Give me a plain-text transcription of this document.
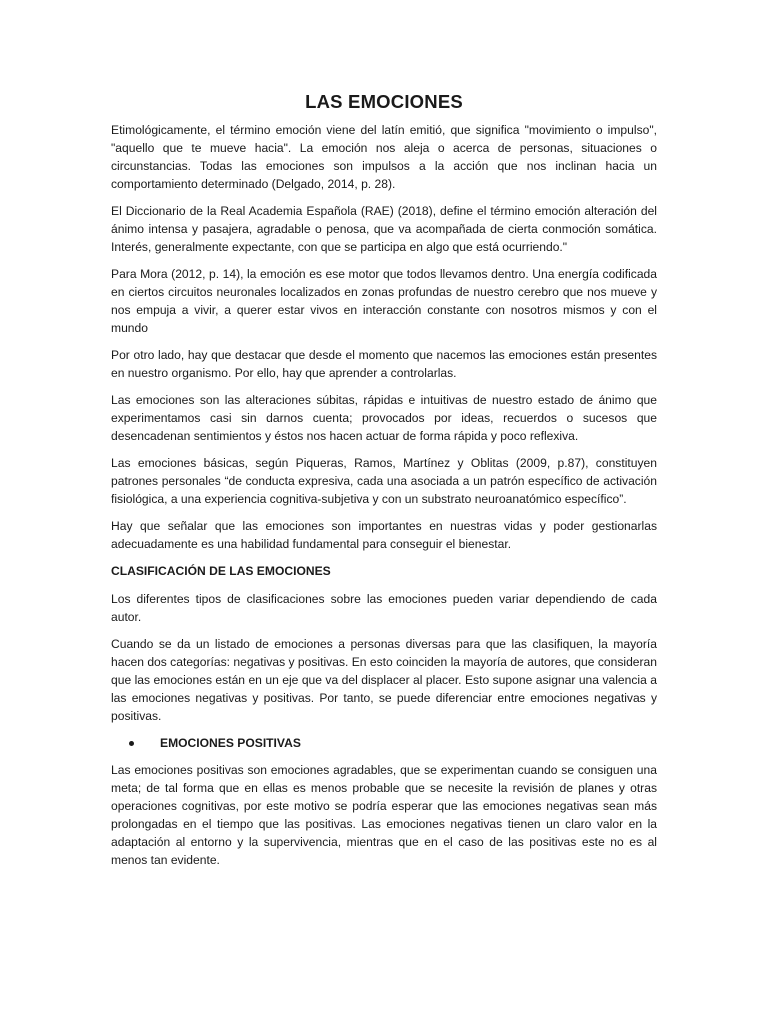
LAS EMOCIONES

Etimológicamente, el término emoción viene del latín emitió, que significa "movimiento o impulso", "aquello que te mueve hacia". La emoción nos aleja o acerca de personas, situaciones o circunstancias. Todas las emociones son impulsos a la acción que nos inclinan hacia un comportamiento determinado (Delgado, 2014, p. 28).

El Diccionario de la Real Academia Española (RAE) (2018), define el término emoción alteración del ánimo intensa y pasajera, agradable o penosa, que va acompañada de cierta conmoción somática. Interés, generalmente expectante, con que se participa en algo que está ocurriendo."

Para Mora (2012, p. 14), la emoción es ese motor que todos llevamos dentro. Una energía codificada en ciertos circuitos neuronales localizados en zonas profundas de nuestro cerebro que nos mueve y nos empuja a vivir, a querer estar vivos en interacción constante con nosotros mismos y con el mundo

Por otro lado, hay que destacar que desde el momento que nacemos las emociones están presentes en nuestro organismo. Por ello, hay que aprender a controlarlas.

Las emociones son las alteraciones súbitas, rápidas e intuitivas de nuestro estado de ánimo que experimentamos casi sin darnos cuenta; provocados por ideas, recuerdos o sucesos que desencadenan sentimientos y éstos nos hacen actuar de forma rápida y poco reflexiva.

Las emociones básicas, según Piqueras, Ramos, Martínez y Oblitas (2009, p.87), constituyen patrones personales “de conducta expresiva, cada una asociada a un patrón específico de activación fisiológica, a una experiencia cognitiva-subjetiva y con un substrato neuroanatómico específico”.

Hay que señalar que las emociones son importantes en nuestras vidas y poder gestionarlas adecuadamente es una habilidad fundamental para conseguir el bienestar.

CLASIFICACIÓN DE LAS EMOCIONES

Los diferentes tipos de clasificaciones sobre las emociones pueden variar dependiendo de cada autor.

Cuando se da un listado de emociones a personas diversas para que las clasifiquen, la mayoría hacen dos categorías: negativas y positivas. En esto coinciden la mayoría de autores, que consideran que las emociones están en un eje que va del displacer al placer. Esto supone asignar una valencia a las emociones negativas y positivas. Por tanto, se puede diferenciar entre emociones negativas y positivas.

EMOCIONES POSITIVAS

Las emociones positivas son emociones agradables, que se experimentan cuando se consiguen una meta; de tal forma que en ellas es menos probable que se necesite la revisión de planes y otras operaciones cognitivas, por este motivo se podría esperar que las emociones negativas sean más prolongadas en el tiempo que las positivas. Las emociones negativas tienen un claro valor en la adaptación al entorno y la supervivencia, mientras que en el caso de las positivas este no es al menos tan evidente.
